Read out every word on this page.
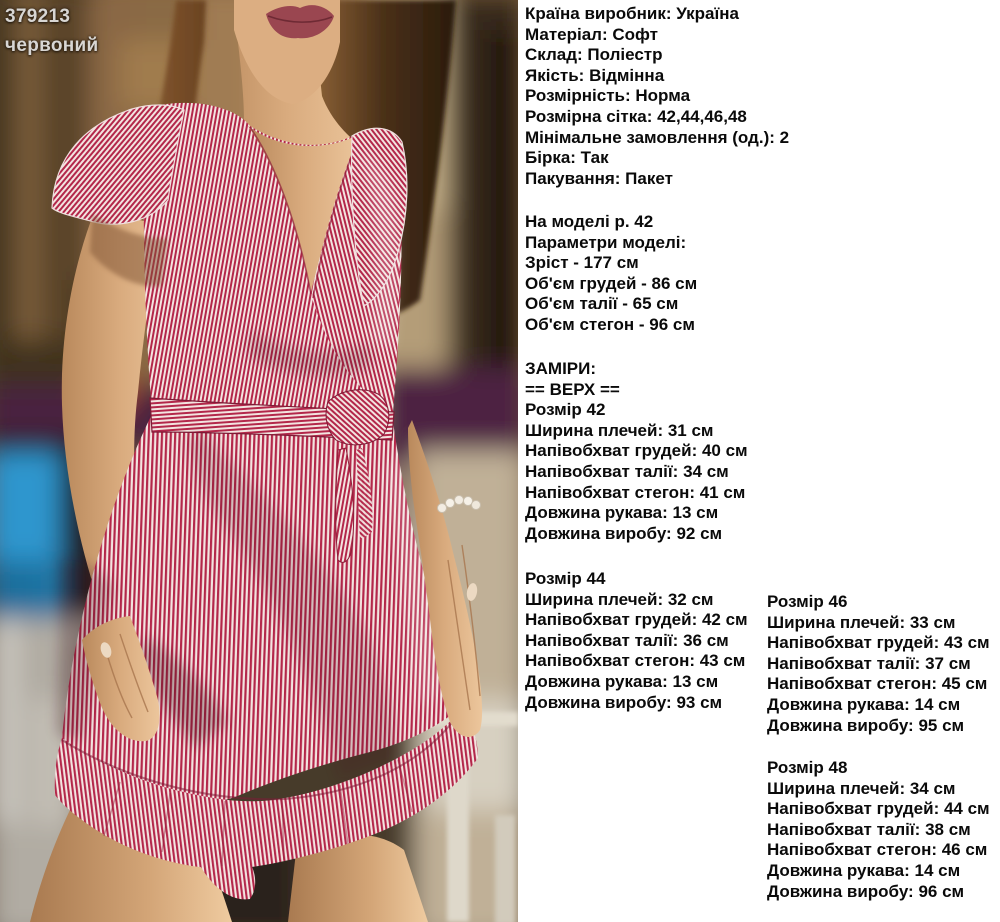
379213
червоний
Країна виробник: Україна
Матеріал: Софт
Склад: Поліестр
Якість: Відмінна
Розмірність: Норма
Розмірна сітка: 42,44,46,48
Мінімальне замовлення (од.): 2
Бірка: Так
Пакування: Пакет
На моделі р. 42
Параметри моделі:
Зріст - 177 см
Об'єм грудей - 86 см
Об'єм талії - 65 см
Об'єм стегон - 96 см
ЗАМІРИ:
== ВЕРХ ==
Розмір 42
Ширина плечей: 31 см
Напівобхват грудей: 40 см
Напівобхват талії: 34 см
Напівобхват стегон: 41 см
Довжина рукава: 13 см
Довжина виробу: 92 см
Розмір 44
Ширина плечей: 32 см
Напівобхват грудей: 42 см
Напівобхват талії: 36 см
Напівобхват стегон: 43 см
Довжина рукава: 13 см
Довжина виробу: 93 см
Розмір 46
Ширина плечей: 33 см
Напівобхват грудей: 43 см
Напівобхват талії: 37 см
Напівобхват стегон: 45 см
Довжина рукава: 14 см
Довжина виробу: 95 см
Розмір 48
Ширина плечей: 34 см
Напівобхват грудей: 44 см
Напівобхват талії: 38 см
Напівобхват стегон: 46 см
Довжина рукава: 14 см
Довжина виробу: 96 см
